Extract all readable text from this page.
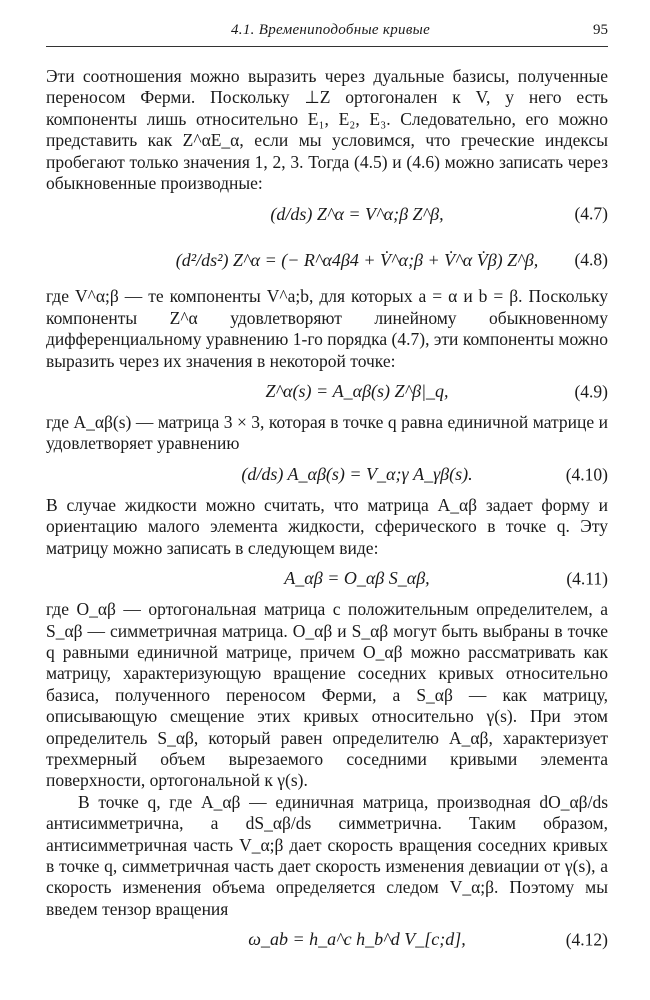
4.1. Времениподобные кривые	95

Эти соотношения можно выразить через дуальные базисы, полученные переносом Ферми. Поскольку ⊥Z ортогонален к V, у него есть компоненты лишь относительно E₁, E₂, E₃. Следовательно, его можно представить как Z^αE_α, если мы условимся, что греческие индексы пробегают только значения 1, 2, 3. Тогда (4.5) и (4.6) можно записать через обыкновенные производные:

(d/ds) Z^α = V^α;β Z^β,	(4.7)
(d²/ds²) Z^α = (− R^α4β4 + V̇^α;β + V̇^α V̇β) Z^β, (4.8)

где V^α;β — те компоненты V^a;b, для которых a = α и b = β. Поскольку компоненты Z^α удовлетворяют линейному обыкновенному дифференциальному уравнению 1-го порядка (4.7), эти компоненты можно выразить через их значения в некоторой точке:

Z^α(s) = A_αβ(s) Z^β|_q,	(4.9)

где A_αβ(s) — матрица 3 × 3, которая в точке q равна единичной матрице и удовлетворяет уравнению

(d/ds) A_αβ(s) = V_α;γ A_γβ(s).	(4.10)

В случае жидкости можно считать, что матрица A_αβ задает форму и ориентацию малого элемента жидкости, сферического в точке q. Эту матрицу можно записать в следующем виде:

A_αβ = O_αβ S_αβ,	(4.11)

где O_αβ — ортогональная матрица с положительным определителем, а S_αβ — симметричная матрица. O_αβ и S_αβ могут быть выбраны в точке q равными единичной матрице, причем O_αβ можно рассматривать как матрицу, характеризующую вращение соседних кривых относительно базиса, полученного переносом Ферми, а S_αβ — как матрицу, описывающую смещение этих кривых относительно γ(s). При этом определитель S_αβ, который равен определителю A_αβ, характеризует трехмерный объем вырезаемого соседними кривыми элемента поверхности, ортогональной к γ(s).

В точке q, где A_αβ — единичная матрица, производная dO_αβ/ds антисимметрична, а dS_αβ/ds симметрична. Таким образом, антисимметричная часть V_α;β дает скорость вращения соседних кривых в точке q, симметричная часть дает скорость изменения девиации от γ(s), а скорость изменения объема определяется следом V_α;β. Поэтому мы введем тензор вращения

ω_ab = h_a^c h_b^d V_[c;d],	(4.12)
